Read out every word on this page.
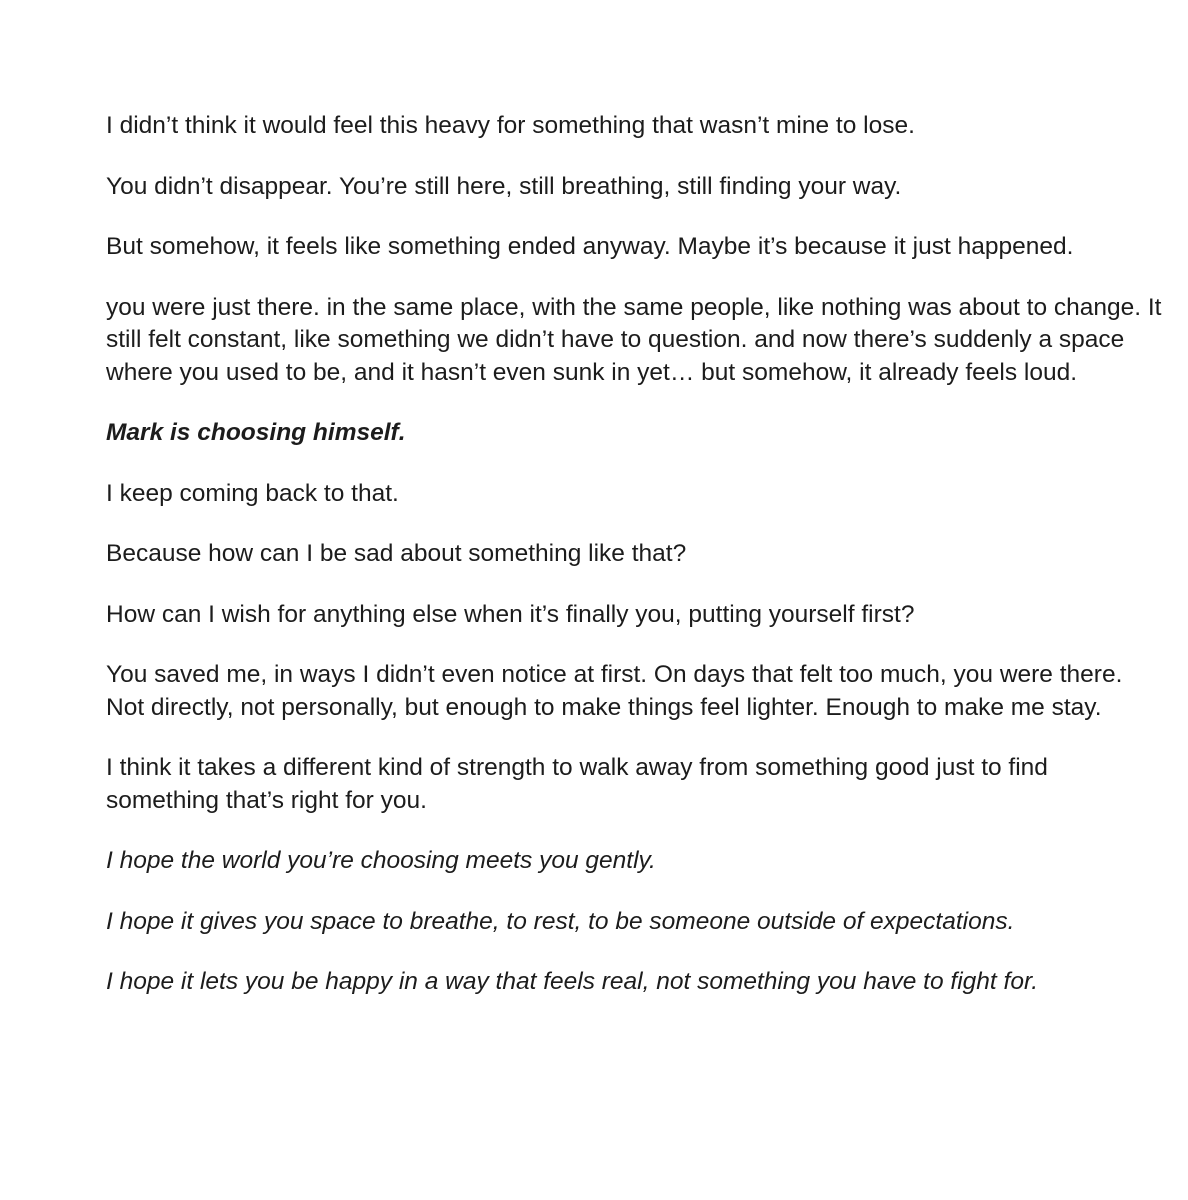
I didn’t think it would feel this heavy for something that wasn’t mine to lose.

You didn’t disappear. You’re still here, still breathing, still finding your way.

But somehow, it feels like something ended anyway. Maybe it’s because it just happened.

you were just there. in the same place, with the same people, like nothing was about to change. It still felt constant, like something we didn’t have to question. and now there’s suddenly a space where you used to be, and it hasn’t even sunk in yet… but somehow, it already feels loud.

Mark is choosing himself.

I keep coming back to that.

Because how can I be sad about something like that?

How can I wish for anything else when it’s finally you, putting yourself first?

You saved me, in ways I didn’t even notice at first. On days that felt too much, you were there. Not directly, not personally, but enough to make things feel lighter. Enough to make me stay.

I think it takes a different kind of strength to walk away from something good just to find something that’s right for you.

I hope the world you’re choosing meets you gently.

I hope it gives you space to breathe, to rest, to be someone outside of expectations.

I hope it lets you be happy in a way that feels real, not something you have to fight for.
